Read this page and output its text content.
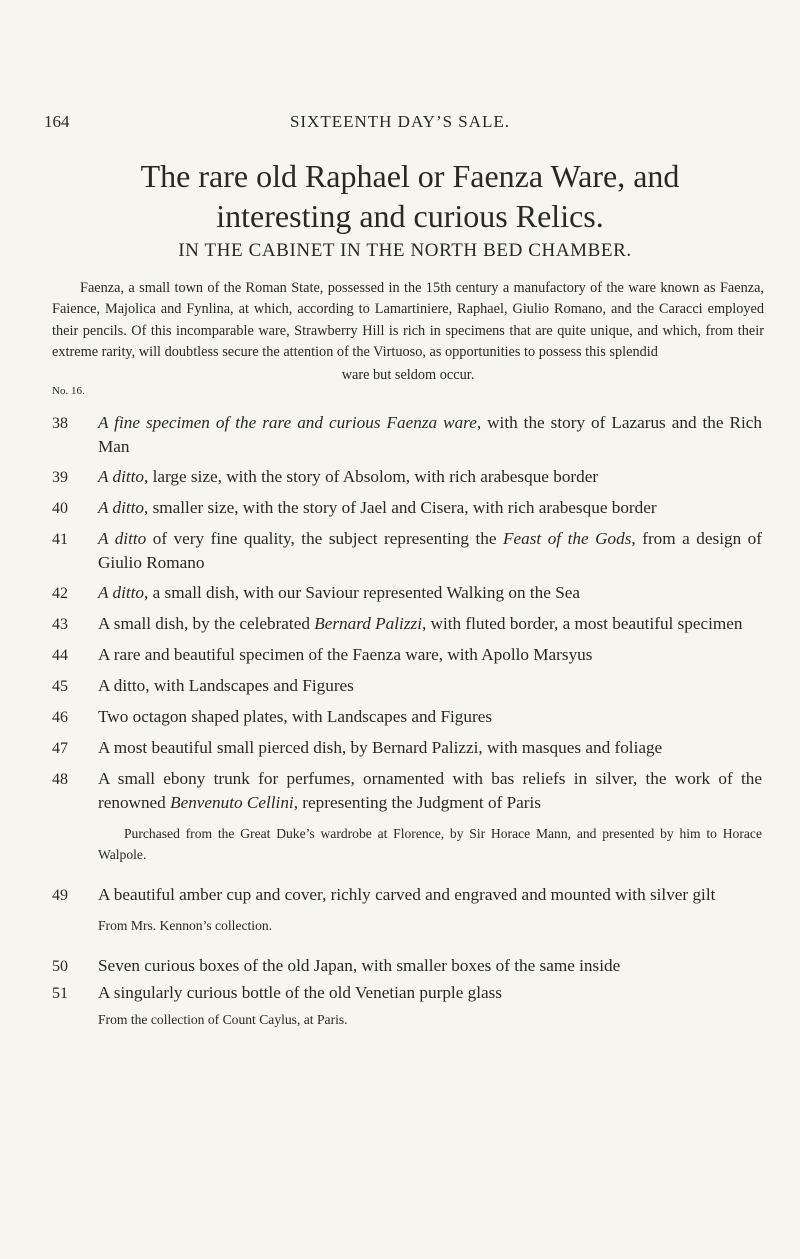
164	SIXTEENTH DAY’S SALE.
The rare old Raphael or Faenza Ware, and
interesting and curious Relics.
IN THE CABINET IN THE NORTH BED CHAMBER.
Faenza, a small town of the Roman State, possessed in the 15th century a manufactory of the ware known as Faenza, Faience, Majolica and Fynlina, at which, according to Lamartiniere, Raphael, Giulio Romano, and the Caracci employed their pencils. Of this incomparable ware, Strawberry Hill is rich in specimens that are quite unique, and which, from their extreme rarity, will doubtless secure the attention of the Virtuoso, as opportunities to possess this splendid
ware but seldom occur.
No. 16.
38	A fine specimen of the rare and curious Faenza ware, with the story of Lazarus and the Rich Man
39	A ditto, large size, with the story of Absolom, with rich arabesque border
40	A ditto, smaller size, with the story of Jael and Cisera, with rich arabesque border
41	A ditto of very fine quality, the subject representing the Feast of the Gods, from a design of Giulio Romano
42	A ditto, a small dish, with our Saviour represented Walking on the Sea
43	A small dish, by the celebrated Bernard Palizzi, with fluted border, a most beautiful specimen
44	A rare and beautiful specimen of the Faenza ware, with Apollo Marsyus
45	A ditto, with Landscapes and Figures
46	Two octagon shaped plates, with Landscapes and Figures
47	A most beautiful small pierced dish, by Bernard Palizzi, with masques and foliage
48	A small ebony trunk for perfumes, ornamented with bas reliefs in silver, the work of the renowned Benvenuto Cellini, representing the Judgment of Paris
Purchased from the Great Duke’s wardrobe at Florence, by Sir Horace Mann, and presented by him to Horace Walpole.
49	A beautiful amber cup and cover, richly carved and engraved and mounted with silver gilt
From Mrs. Kennon’s collection.
50	Seven curious boxes of the old Japan, with smaller boxes of the same inside
51	A singularly curious bottle of the old Venetian purple glass
From the collection of Count Caylus, at Paris.
